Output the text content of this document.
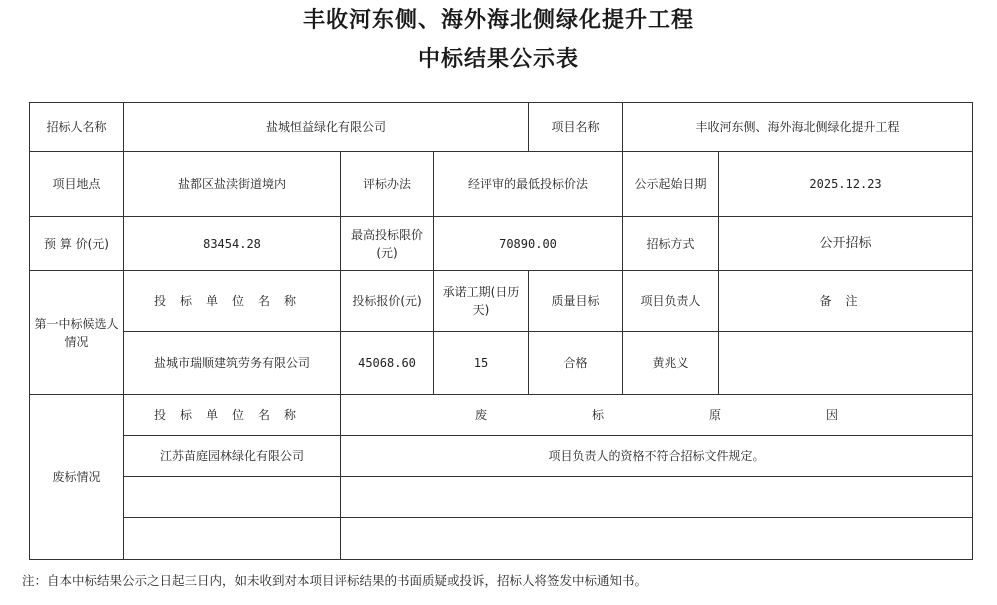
丰收河东侧、海外海北侧绿化提升工程
中标结果公示表
招标人名称	盐城恒益绿化有限公司			项目名称	丰收河东侧、海外海北侧绿化提升工程	
项目地点	盐都区盐渎街道境内	评标办法	经评审的最低投标价法		公示起始日期	2025.12.23
预 算 价(元)	83454.28	最高投标限价(元)	70890.00		招标方式	公开招标
第一中标候选人情况	投标单位名称	投标报价(元)	承诺工期(日历天)	质量目标	项目负责人	备注
	盐城市瑞顺建筑劳务有限公司	45068.60	15	合格	黄兆义	
废标情况	投标单位名称	废 标 原 因				

	江苏苗庭园林绿化有限公司	项目负责人的资格不符合招标文件规定。				

注：自本中标结果公示之日起三日内，如未收到对本项目评标结果的书面质疑或投诉，招标人将签发中标通知书。
